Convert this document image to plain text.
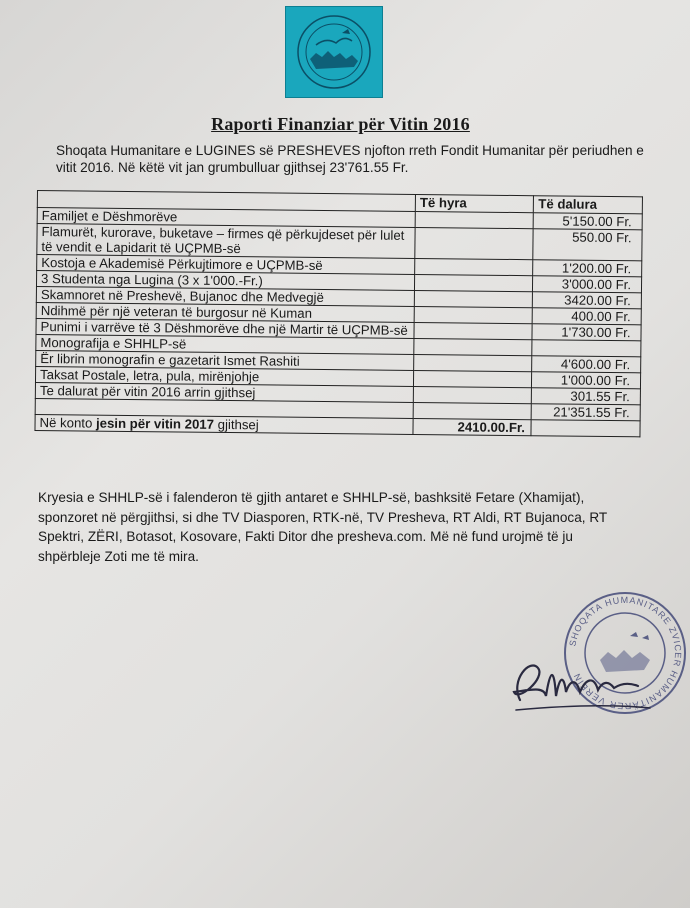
Raporti Finanziar për Vitin 2016
Shoqata Humanitare e LUGINES së PRESHEVES njofton rreth Fondit Humanitar për periudhen e vitit 2016. Në këtë vit jan grumbulluar gjithsej 23'761.55 Fr.
	Të hyra	Të dalura
Familjet e Dëshmorëve		5'150.00 Fr.
Flamurët, kurorave, buketave – firmes që përkujdeset për lulet të vendit e Lapidarit të UÇPMB-së		550.00 Fr.
Kostoja e Akademisë Përkujtimore e UÇPMB-së		1'200.00 Fr.
3 Studenta nga Lugina (3 x 1'000.-Fr.)		3'000.00 Fr.
Skamnoret në Preshevë, Bujanoc dhe Medvegjë		3420.00 Fr.
Ndihmë për një veteran të burgosur në Kuman		400.00 Fr.
Punimi i varrëve të 3 Dëshmorëve dhe një Martir të UÇPMB-së		1'730.00 Fr.
Monografija e SHHLP-së		
Ër librin monografin e gazetarit Ismet Rashiti		4'600.00 Fr.
Taksat Postale, letra, pula, mirënjohje		1'000.00 Fr.
Te dalurat për vitin 2016 arrin gjithsej		301.55 Fr.
		21'351.55 Fr.
Në konto jesin për vitin 2017 gjithsej	2410.00.Fr.	
Kryesia e SHHLP-së i falenderon të gjith antaret e SHHLP-së, bashksitë Fetare (Xhamijat), sponzoret në përgjithsi, si dhe TV Diasporen, RTK-në, TV Presheva, RT Aldi, RT Bujanoca, RT Spektri, ZËRI, Botasot, Kosovare, Fakti Ditor dhe presheva.com. Më në fund urojmë të ju shpërbleje Zoti me të mira.
SHOQATA HUMANITARE ZVICER HUMANITÄRER VEREIN
